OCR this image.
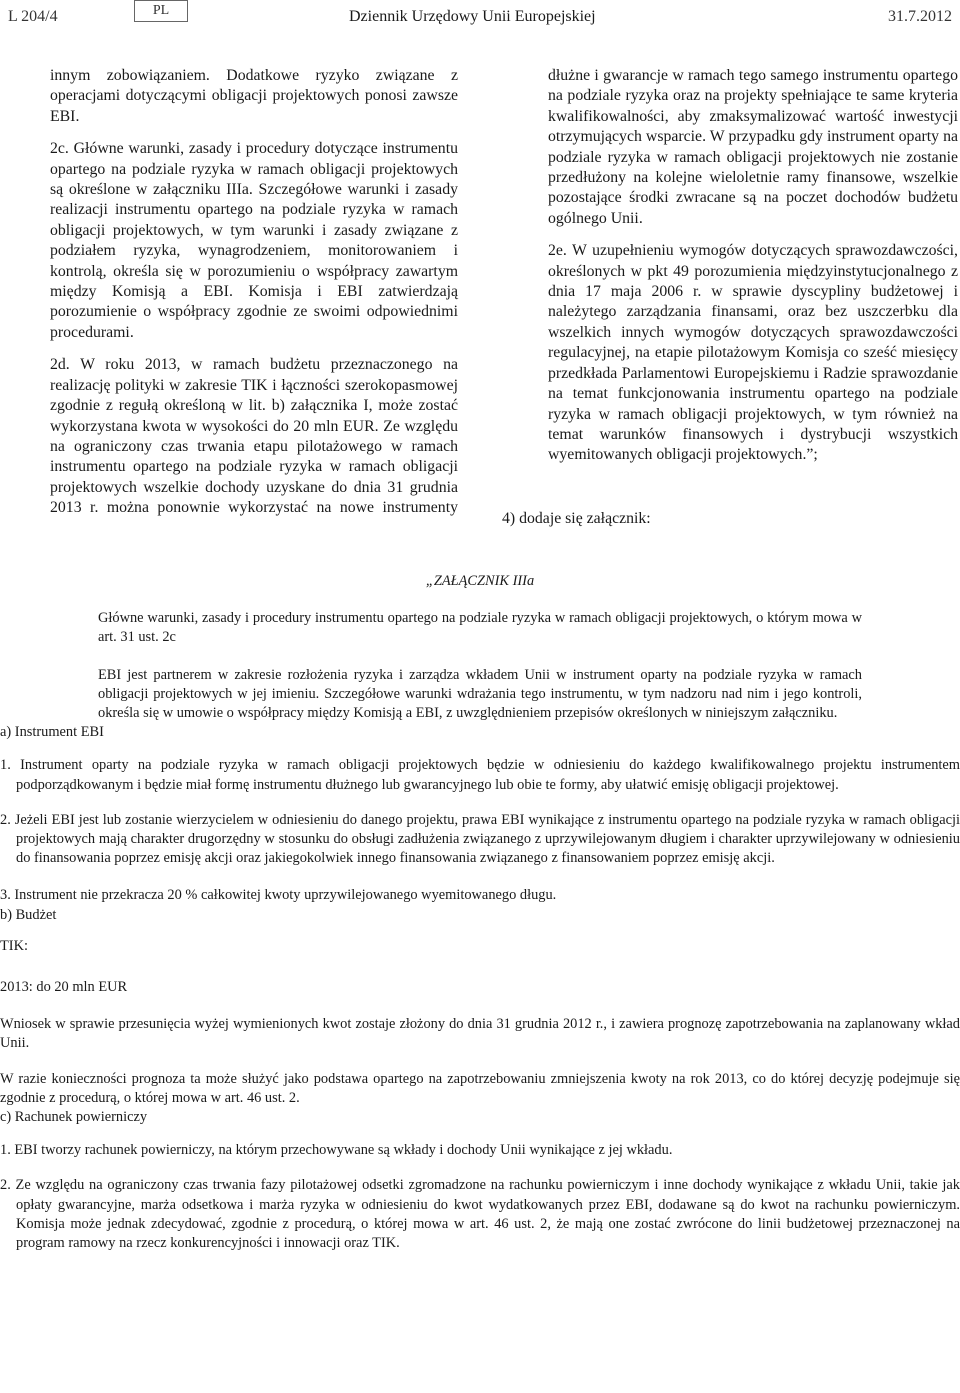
L 204/4	PL	Dziennik Urzędowy Unii Europejskiej	31.7.2012

innym zobowiązaniem. Dodatkowe ryzyko związane z operacjami dotyczącymi obligacji projektowych ponosi zawsze EBI.

2c. Główne warunki, zasady i procedury dotyczące instrumentu opartego na podziale ryzyka w ramach obligacji projektowych są określone w załączniku IIIa. Szczegółowe warunki i zasady realizacji instrumentu opartego na podziale ryzyka w ramach obligacji projektowych, w tym warunki i zasady związane z podziałem ryzyka, wynagrodzeniem, monitorowaniem i kontrolą, określa się w porozumieniu o współpracy zawartym między Komisją a EBI. Komisja i EBI zatwierdzają porozumienie o współpracy zgodnie ze swoimi odpowiednimi procedurami.

2d. W roku 2013, w ramach budżetu przeznaczonego na realizację polityki w zakresie TIK i łączności szerokopasmowej zgodnie z regułą określoną w lit. b) załącznika I, może zostać wykorzystana kwota w wysokości do 20 mln EUR. Ze względu na ograniczony czas trwania etapu pilotażowego w ramach instrumentu opartego na podziale ryzyka w ramach obligacji projektowych wszelkie dochody uzyskane do dnia 31 grudnia 2013 r. można ponownie wykorzystać na nowe instrumenty

dłużne i gwarancje w ramach tego samego instrumentu opartego na podziale ryzyka oraz na projekty spełniające te same kryteria kwalifikowalności, aby zmaksymalizować wartość inwestycji otrzymujących wsparcie. W przypadku gdy instrument oparty na podziale ryzyka w ramach obligacji projektowych nie zostanie przedłużony na kolejne wieloletnie ramy finansowe, wszelkie pozostające środki zwracane są na poczet dochodów budżetu ogólnego Unii.

2e. W uzupełnieniu wymogów dotyczących sprawozdawczości, określonych w pkt 49 porozumienia międzyinstytucjonalnego z dnia 17 maja 2006 r. w sprawie dyscypliny budżetowej i należytego zarządzania finansami, oraz bez uszczerbku dla wszelkich innych wymogów dotyczących sprawozdawczości regulacyjnej, na etapie pilotażowym Komisja co sześć miesięcy przedkłada Parlamentowi Europejskiemu i Radzie sprawozdanie na temat funkcjonowania instrumentu opartego na podziale ryzyka w ramach obligacji projektowych, w tym również na temat warunków finansowych i dystrybucji wszystkich wyemitowanych obligacji projektowych.”;

4) dodaje się załącznik:

„ZAŁĄCZNIK IIIa

Główne warunki, zasady i procedury instrumentu opartego na podziale ryzyka w ramach obligacji projektowych, o którym mowa w art. 31 ust. 2c

EBI jest partnerem w zakresie rozłożenia ryzyka i zarządza wkładem Unii w instrument oparty na podziale ryzyka w ramach obligacji projektowych w jej imieniu. Szczegółowe warunki wdrażania tego instrumentu, w tym nadzoru nad nim i jego kontroli, określa się w umowie o współpracy między Komisją a EBI, z uwzględnieniem przepisów określonych w niniejszym załączniku.

a) Instrument EBI

1. Instrument oparty na podziale ryzyka w ramach obligacji projektowych będzie w odniesieniu do każdego kwalifikowalnego projektu instrumentem podporządkowanym i będzie miał formę instrumentu dłużnego lub gwarancyjnego lub obie te formy, aby ułatwić emisję obligacji projektowej.

2. Jeżeli EBI jest lub zostanie wierzycielem w odniesieniu do danego projektu, prawa EBI wynikające z instrumentu opartego na podziale ryzyka w ramach obligacji projektowych mają charakter drugorzędny w stosunku do obsługi zadłużenia związanego z uprzywilejowanym długiem i charakter uprzywilejowany w odniesieniu do finansowania poprzez emisję akcji oraz jakiegokolwiek innego finansowania związanego z finansowaniem poprzez emisję akcji.

3. Instrument nie przekracza 20 % całkowitej kwoty uprzywilejowanego wyemitowanego długu.

b) Budżet

TIK:

2013: do 20 mln EUR

Wniosek w sprawie przesunięcia wyżej wymienionych kwot zostaje złożony do dnia 31 grudnia 2012 r., i zawiera prognozę zapotrzebowania na zaplanowany wkład Unii.

W razie konieczności prognoza ta może służyć jako podstawa opartego na zapotrzebowaniu zmniejszenia kwoty na rok 2013, co do której decyzję podejmuje się zgodnie z procedurą, o której mowa w art. 46 ust. 2.

c) Rachunek powierniczy

1. EBI tworzy rachunek powierniczy, na którym przechowywane są wkłady i dochody Unii wynikające z jej wkładu.

2. Ze względu na ograniczony czas trwania fazy pilotażowej odsetki zgromadzone na rachunku powierniczym i inne dochody wynikające z wkładu Unii, takie jak opłaty gwarancyjne, marża odsetkowa i marża ryzyka w odniesieniu do kwot wydatkowanych przez EBI, dodawane są do kwot na rachunku powierniczym. Komisja może jednak zdecydować, zgodnie z procedurą, o której mowa w art. 46 ust. 2, że mają one zostać zwrócone do linii budżetowej przeznaczonej na program ramowy na rzecz konkurencyjności i innowacji oraz TIK.
